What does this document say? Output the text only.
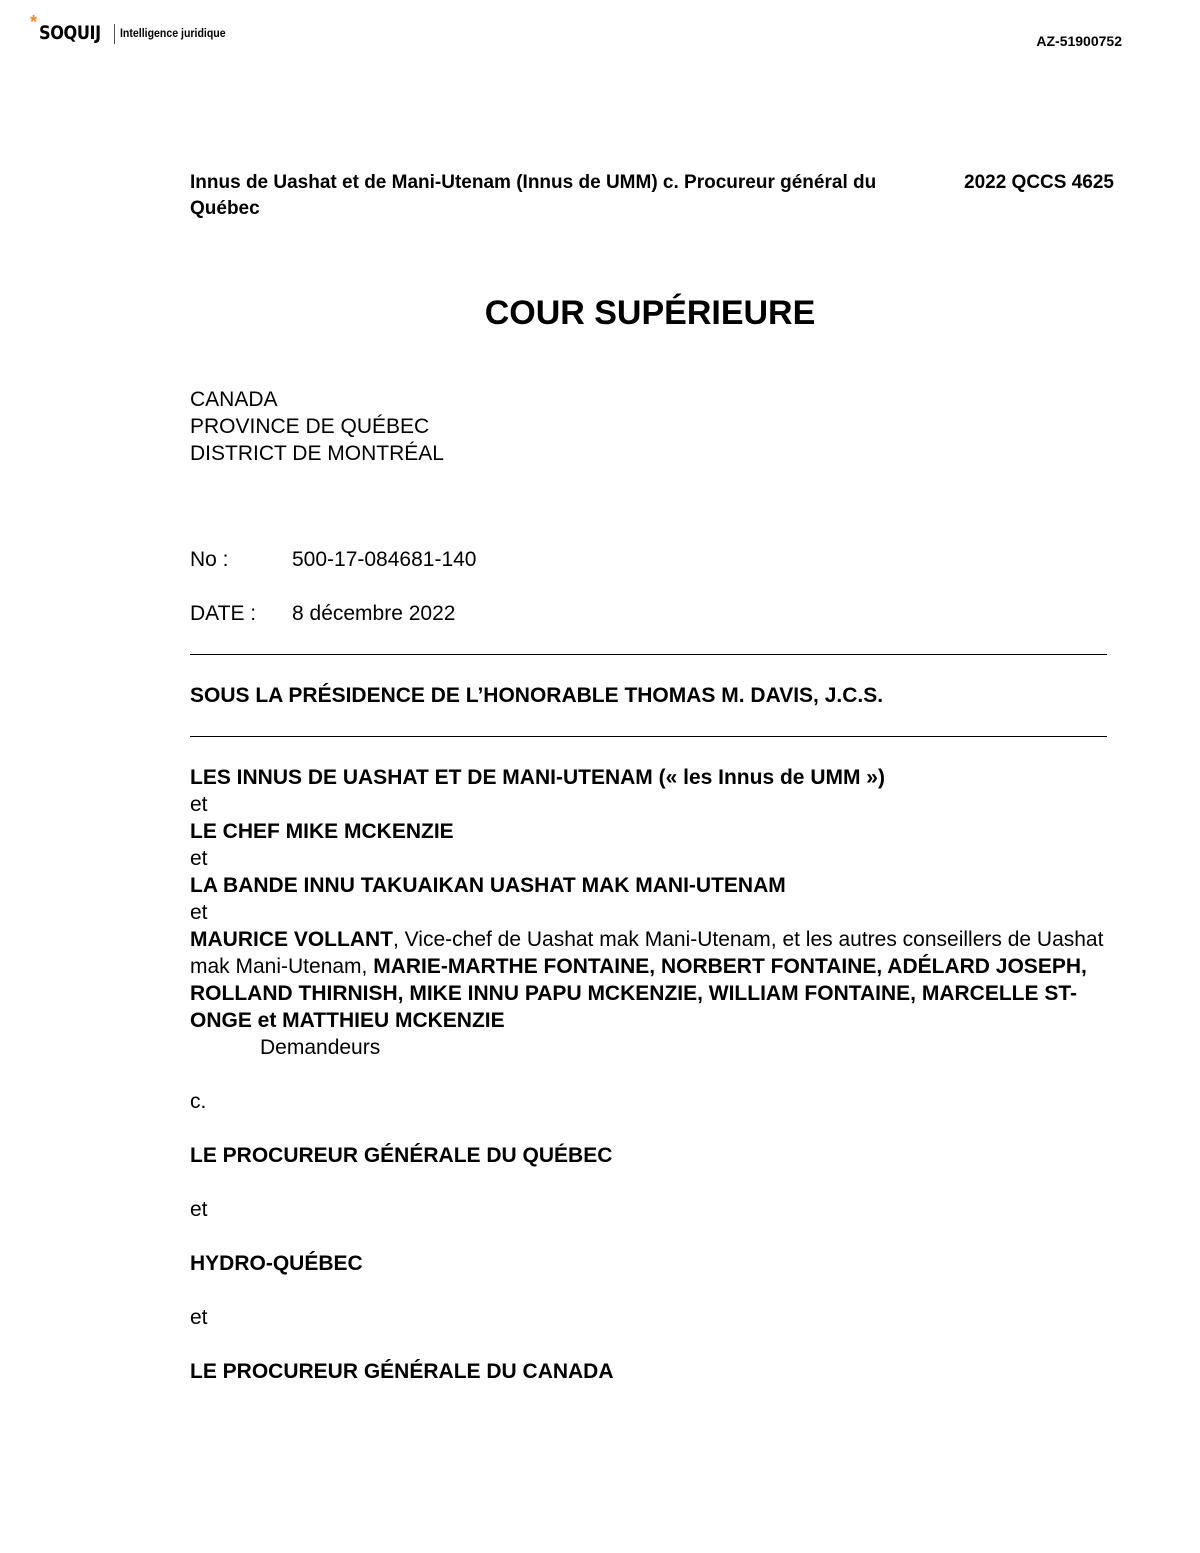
* SOQUIJ Intelligence juridique	AZ-51900752
Innus de Uashat et de Mani-Utenam (Innus de UMM) c. Procureur général du Québec
2022 QCCS 4625
COUR SUPÉRIEURE
CANADA
PROVINCE DE QUÉBEC
DISTRICT DE MONTRÉAL
No :	500-17-084681-140
DATE : 8 décembre 2022
SOUS LA PRÉSIDENCE DE L’HONORABLE THOMAS M. DAVIS, J.C.S.

LES INNUS DE UASHAT ET DE MANI-UTENAM (« les Innus de UMM »)

et

LE CHEF MIKE MCKENZIE

et

LA BANDE INNU TAKUAIKAN UASHAT MAK MANI-UTENAM

et

MAURICE VOLLANT, Vice-chef de Uashat mak Mani-Utenam, et les autres conseillers de Uashat mak Mani-Utenam, MARIE-MARTHE FONTAINE, NORBERT FONTAINE, ADÉLARD JOSEPH, ROLLAND THIRNISH, MIKE INNU PAPU MCKENZIE, WILLIAM FONTAINE, MARCELLE ST-ONGE et MATTHIEU MCKENZIE

Demandeurs

c.
LE PROCUREUR GÉNÉRALE DU QUÉBEC
et
HYDRO-QUÉBEC
et
LE PROCUREUR GÉNÉRALE DU CANADA
